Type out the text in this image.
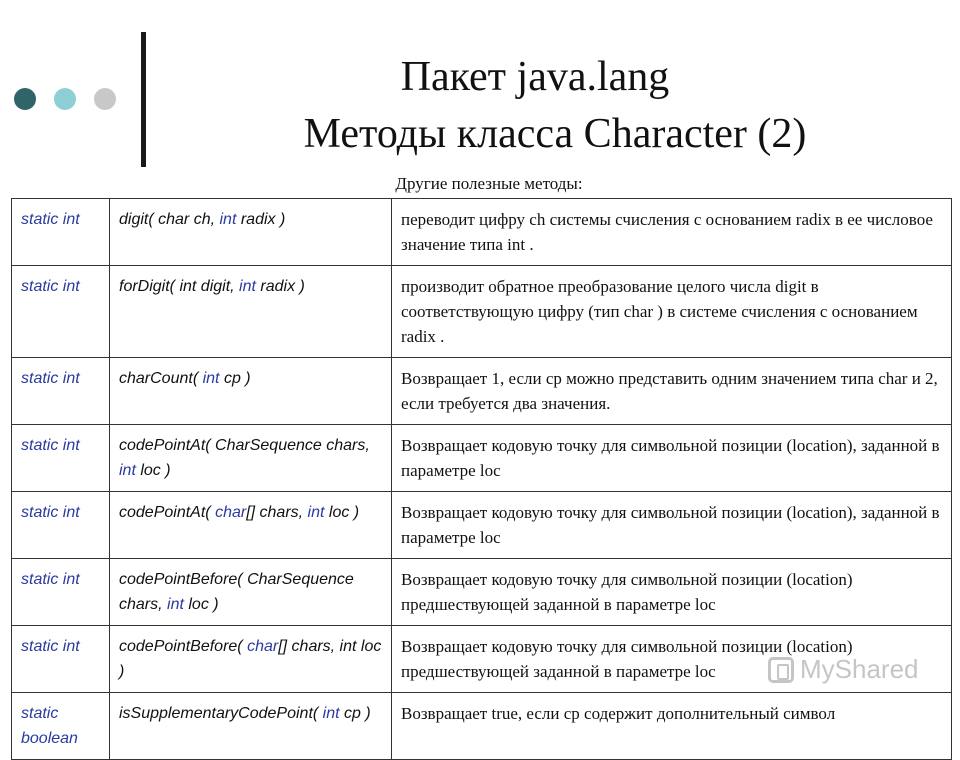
Пакет java.lang
Методы класса Character (2)
Другие полезные методы:
static int	digit( char ch, int radix )	переводит цифру ch системы счисления с основанием radix в ее числовое значение типа int .
static int	forDigit( int digit, int radix )	производит обратное преобразование целого числа digit в соответствующую цифру (тип char ) в системе счисления с основанием radix .
static int	charCount( int cp )	Возвращает 1, если cp можно представить одним значением типа char и 2, если требуется два значения.
static int	codePointAt( CharSequence chars, int loc )	Возвращает кодовую точку для символьной позиции (location), заданной в параметре loc
static int	codePointAt( char[] chars, int loc )	Возвращает кодовую точку для символьной позиции (location), заданной в параметре loc
static int	codePointBefore( CharSequence chars, int loc )	Возвращает кодовую точку для символьной позиции (location) предшествующей заданной в параметре loc
static int	codePointBefore( char[] chars, int loc )	Возвращает кодовую точку для символьной позиции (location) предшествующей заданной в параметре loc
static boolean	isSupplementaryCodePoint( int cp )	Возвращает true, если cp содержит дополнительный символ
MyShared
